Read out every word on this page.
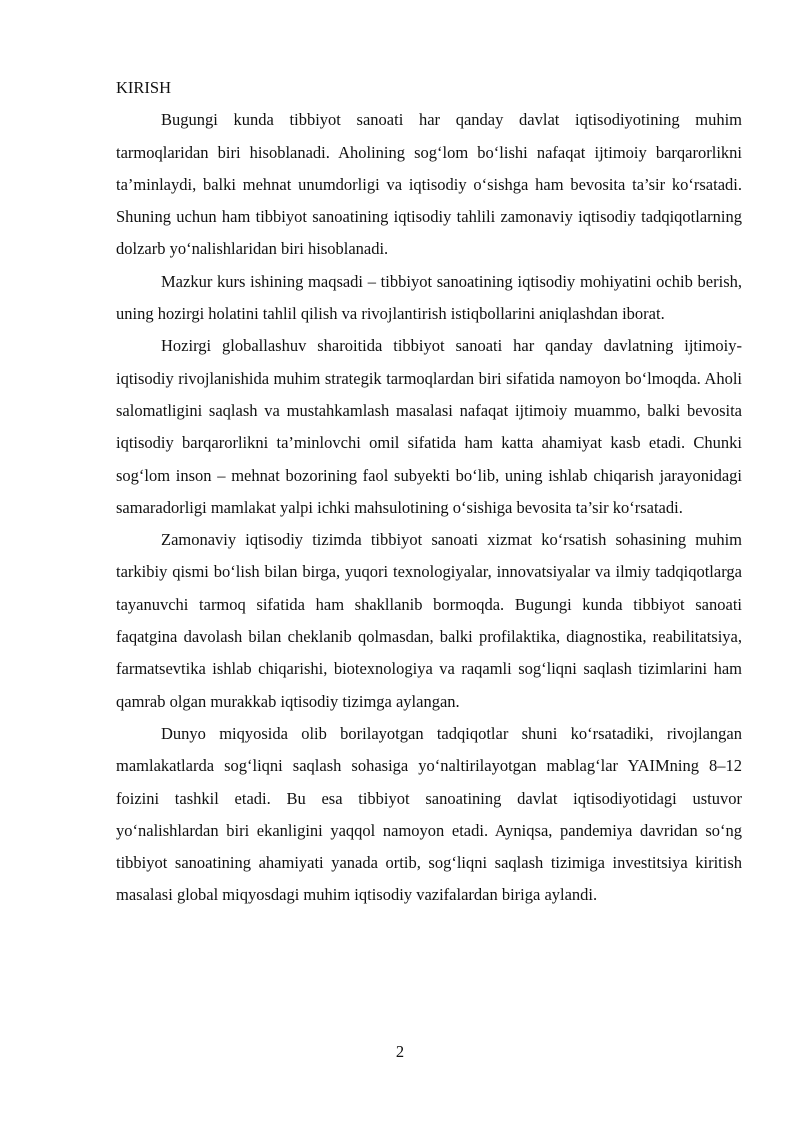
KIRISH

Bugungi kunda tibbiyot sanoati har qanday davlat iqtisodiyotining muhim tarmoqlaridan biri hisoblanadi. Aholining sog‘lom bo‘lishi nafaqat ijtimoiy barqarorlikni ta’minlaydi, balki mehnat unumdorligi va iqtisodiy o‘sishga ham bevosita ta’sir ko‘rsatadi. Shuning uchun ham tibbiyot sanoatining iqtisodiy tahlili zamonaviy iqtisodiy tadqiqotlarning dolzarb yo‘nalishlaridan biri hisoblanadi.

Mazkur kurs ishining maqsadi – tibbiyot sanoatining iqtisodiy mohiyatini ochib berish, uning hozirgi holatini tahlil qilish va rivojlantirish istiqbollarini aniqlashdan iborat.

Hozirgi globallashuv sharoitida tibbiyot sanoati har qanday davlatning ijtimoiy-iqtisodiy rivojlanishida muhim strategik tarmoqlardan biri sifatida namoyon bo‘lmoqda. Aholi salomatligini saqlash va mustahkamlash masalasi nafaqat ijtimoiy muammo, balki bevosita iqtisodiy barqarorlikni ta’minlovchi omil sifatida ham katta ahamiyat kasb etadi. Chunki sog‘lom inson – mehnat bozorining faol subyekti bo‘lib, uning ishlab chiqarish jarayonidagi samaradorligi mamlakat yalpi ichki mahsulotining o‘sishiga bevosita ta’sir ko‘rsatadi.

Zamonaviy iqtisodiy tizimda tibbiyot sanoati xizmat ko‘rsatish sohasining muhim tarkibiy qismi bo‘lish bilan birga, yuqori texnologiyalar, innovatsiyalar va ilmiy tadqiqotlarga tayanuvchi tarmoq sifatida ham shakllanib bormoqda. Bugungi kunda tibbiyot sanoati faqatgina davolash bilan cheklanib qolmasdan, balki profilaktika, diagnostika, reabilitatsiya, farmatsevtika ishlab chiqarishi, biotexnologiya va raqamli sog‘liqni saqlash tizimlarini ham qamrab olgan murakkab iqtisodiy tizimga aylangan.

Dunyo miqyosida olib borilayotgan tadqiqotlar shuni ko‘rsatadiki, rivojlangan mamlakatlarda sog‘liqni saqlash sohasiga yo‘naltirilayotgan mablag‘lar YAIMning 8–12 foizini tashkil etadi. Bu esa tibbiyot sanoatining davlat iqtisodiyotidagi ustuvor yo‘nalishlardan biri ekanligini yaqqol namoyon etadi. Ayniqsa, pandemiya davridan so‘ng tibbiyot sanoatining ahamiyati yanada ortib, sog‘liqni saqlash tizimiga investitsiya kiritish masalasi global miqyosdagi muhim iqtisodiy vazifalardan biriga aylandi.

2
